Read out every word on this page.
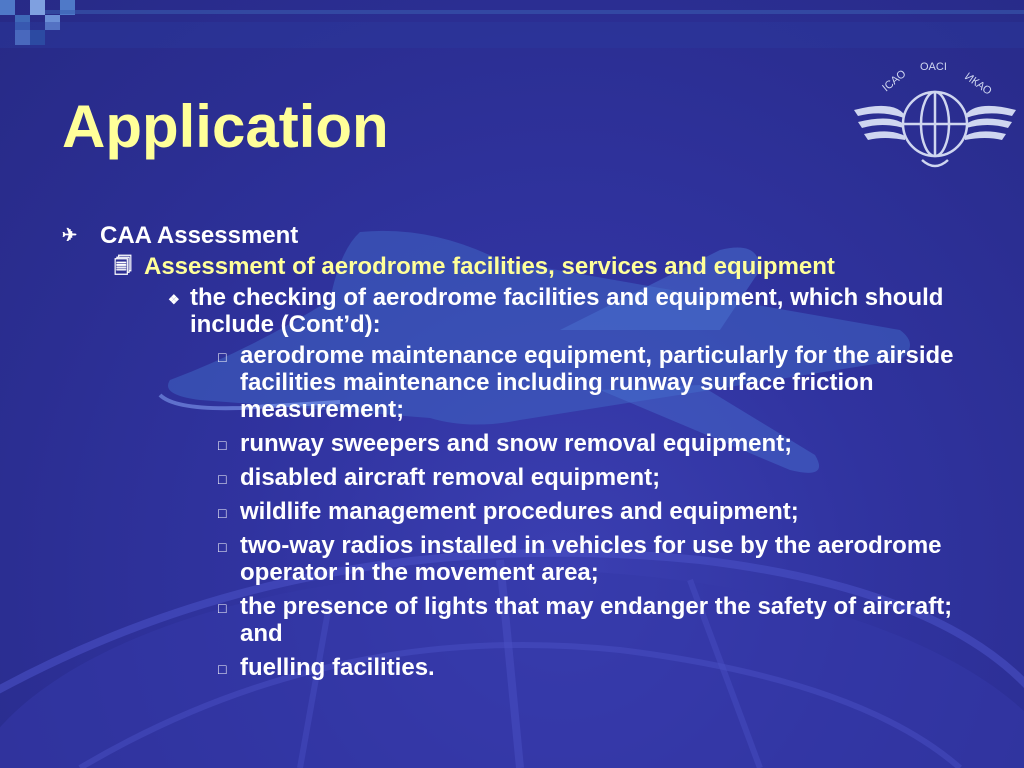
Application
ICAO
OACI
ИКАО
✈ CAA Assessment
🗐 Assessment of aerodrome facilities, services and equipment
❖ the checking of aerodrome facilities and equipment, which should include (Cont’d):
□ aerodrome maintenance equipment, particularly for the airside facilities maintenance including runway surface friction measurement;
□ runway sweepers and snow removal equipment;
□ disabled aircraft removal equipment;
□ wildlife management procedures and equipment;
□ two-way radios installed in vehicles for use by the aerodrome operator in the movement area;
□ the presence of lights that may endanger the safety of aircraft; and
□ fuelling facilities.
